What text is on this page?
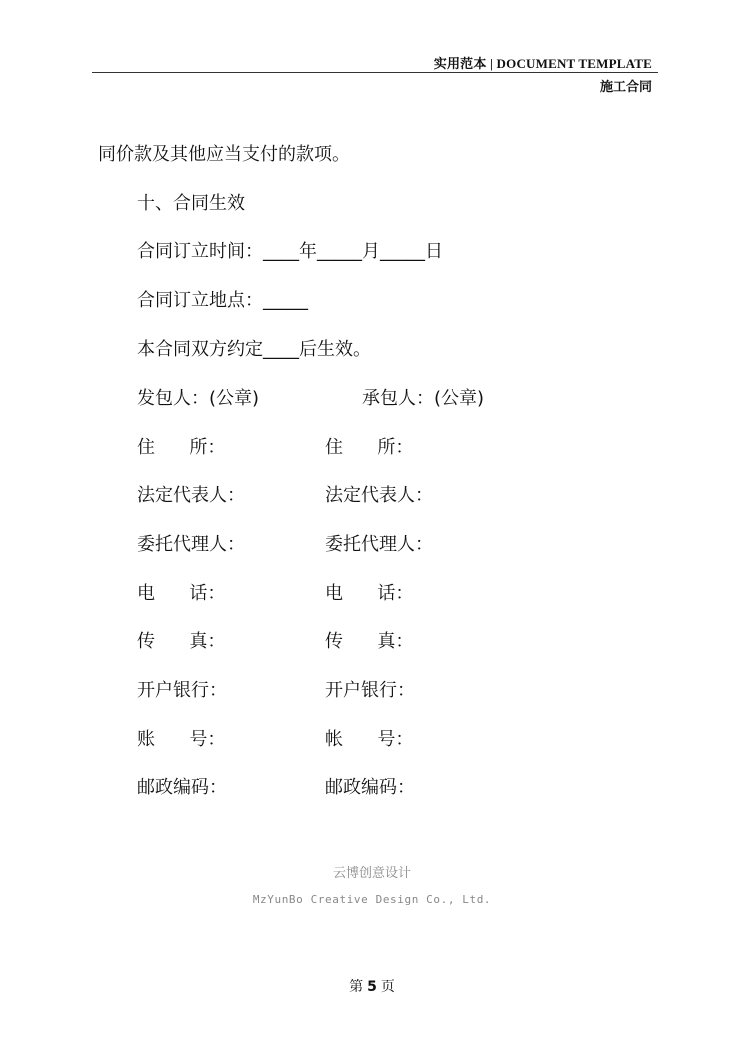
实用范本 | DOCUMENT TEMPLATE
施工合同
同价款及其他应当支付的款项。
十、合同生效
合同订立时间：____年_____月_____日
合同订立地点：_____
本合同双方约定____后生效。
发包人：(公章)	承包人：(公章)
住      所：	住      所：
法定代表人：	法定代表人：
委托代理人：	委托代理人：
电      话：	电      话：
传      真：	传      真：
开户银行：	开户银行：
账      号：	帐      号：
邮政编码：	邮政编码：
云博创意设计
MzYunBo Creative Design Co., Ltd.
第 5 页
